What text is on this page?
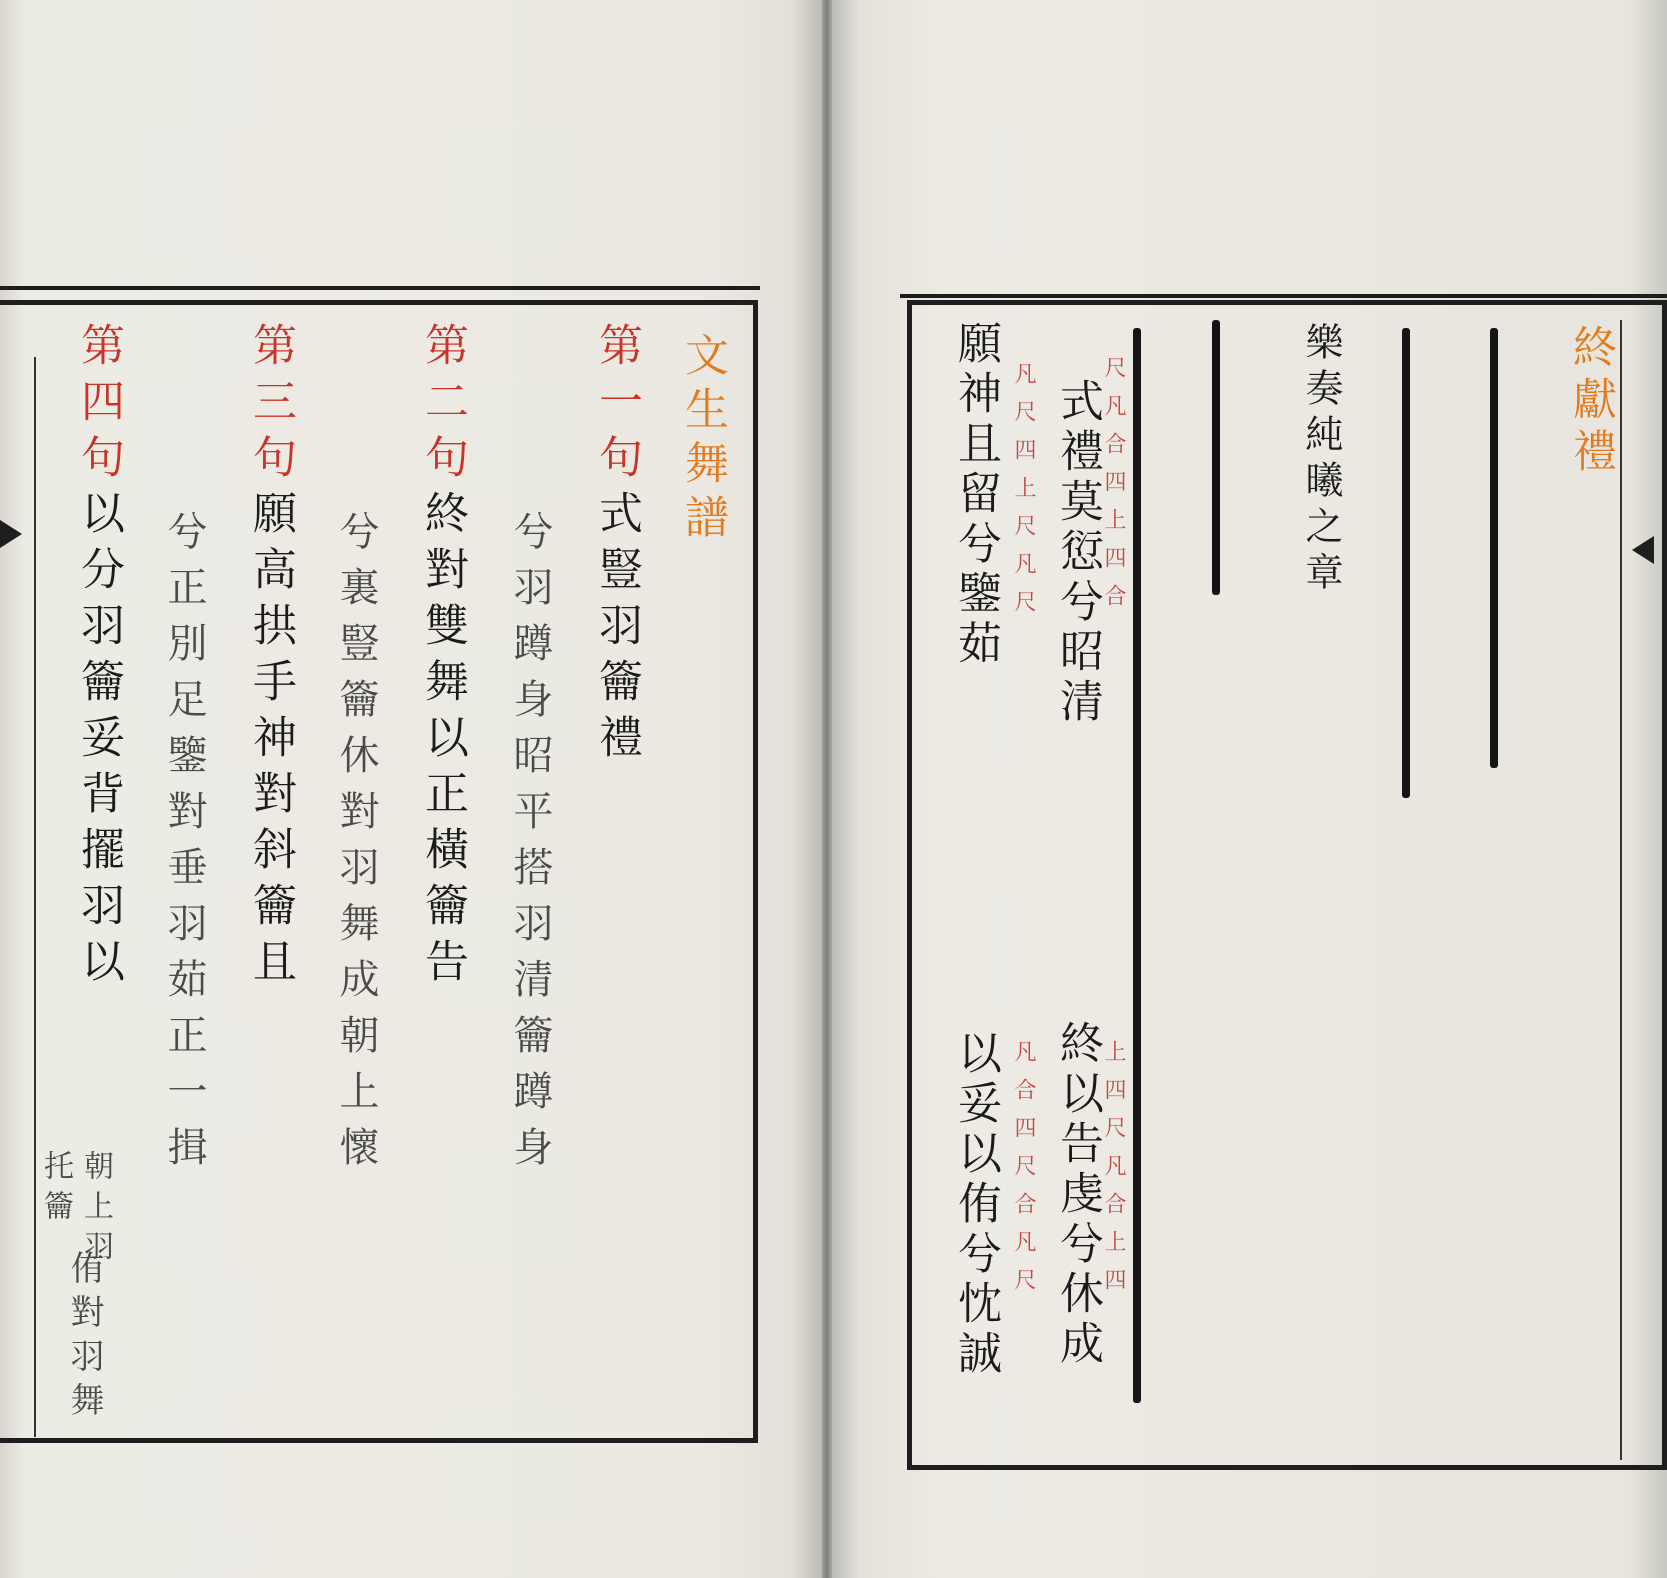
文生舞譜
第一句
式豎羽籥禮
兮羽蹲身昭平搭羽清
籥蹲身
第二句
終對雙舞以正橫籥告
兮裏豎籥休對羽舞成
朝上懷
第三句
願高拱手神對斜籥且
兮正別足鑒對垂羽茹
正一揖
第四句
以分羽籥妥背擺羽以
托籥 朝上羽
侑對羽舞
終獻禮
樂奏純曦之章
式禮莫愆兮昭清
尺凡合四上四合
凡尺四上尺凡尺
願神且留兮鑒茹
終以告虔兮休成
上四尺凡合上四
凡合四尺合凡尺
以妥以侑兮忱誠
